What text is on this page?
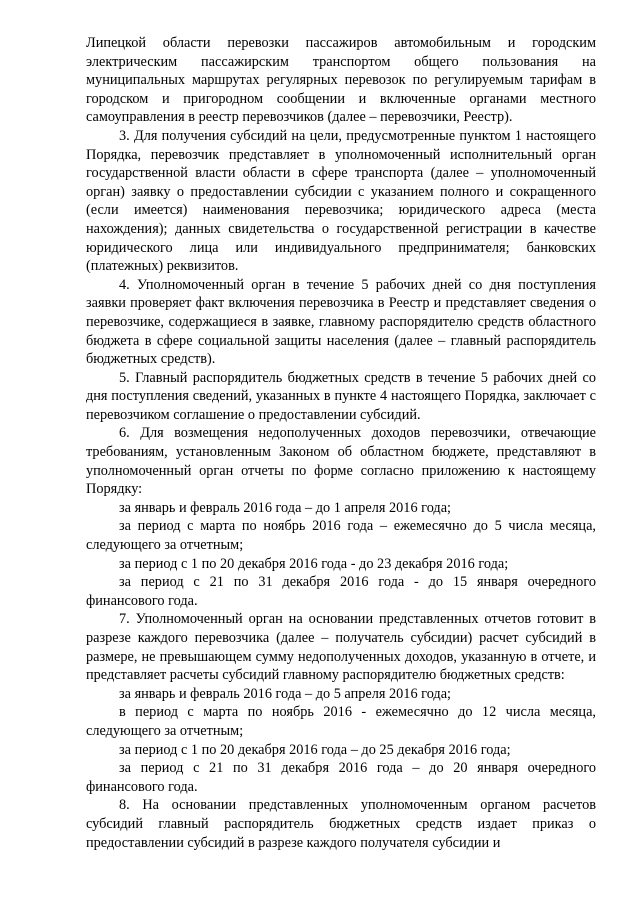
Липецкой области перевозки пассажиров автомобильным и городским электрическим пассажирским транспортом общего пользования на муниципальных маршрутах регулярных перевозок по регулируемым тарифам в городском и пригородном сообщении и включенные органами местного самоуправления в реестр перевозчиков (далее – перевозчики, Реестр).

3. Для получения субсидий на цели, предусмотренные пунктом 1 настоящего Порядка, перевозчик представляет в уполномоченный исполнительный орган государственной власти области в сфере транспорта (далее – уполномоченный орган) заявку о предоставлении субсидии с указанием полного и сокращенного (если имеется) наименования перевозчика; юридического адреса (места нахождения); данных свидетельства о государственной регистрации в качестве юридического лица или индивидуального предпринимателя; банковских (платежных) реквизитов.

4. Уполномоченный орган в течение 5 рабочих дней со дня поступления заявки проверяет факт включения перевозчика в Реестр и представляет сведения о перевозчике, содержащиеся в заявке, главному распорядителю средств областного бюджета в сфере социальной защиты населения (далее – главный распорядитель бюджетных средств).

5. Главный распорядитель бюджетных средств в течение 5 рабочих дней со дня поступления сведений, указанных в пункте 4 настоящего Порядка, заключает с перевозчиком соглашение о предоставлении субсидий.

6. Для возмещения недополученных доходов перевозчики, отвечающие требованиям, установленным Законом об областном бюджете, представляют в уполномоченный орган отчеты по форме согласно приложению к настоящему Порядку:

за январь и февраль 2016 года – до 1 апреля 2016 года;

за период с марта по ноябрь 2016 года – ежемесячно до 5 числа месяца, следующего за отчетным;

за период с 1 по 20 декабря 2016 года - до 23 декабря 2016 года;

за период с 21 по 31 декабря 2016 года - до 15 января очередного финансового года.

7. Уполномоченный орган на основании представленных отчетов готовит в разрезе каждого перевозчика (далее – получатель субсидии) расчет субсидий в размере, не превышающем сумму недополученных доходов, указанную в отчете, и представляет расчеты субсидий главному распорядителю бюджетных средств:

за январь и февраль 2016 года – до 5 апреля 2016 года;

в период с марта по ноябрь 2016 - ежемесячно до 12 числа месяца, следующего за отчетным;

за период с 1 по 20 декабря 2016 года – до 25 декабря 2016 года;

за период с 21 по 31 декабря 2016 года – до 20 января очередного финансового года.

8. На основании представленных уполномоченным органом расчетов субсидий главный распорядитель бюджетных средств издает приказ о предоставлении субсидий в разрезе каждого получателя субсидии и
